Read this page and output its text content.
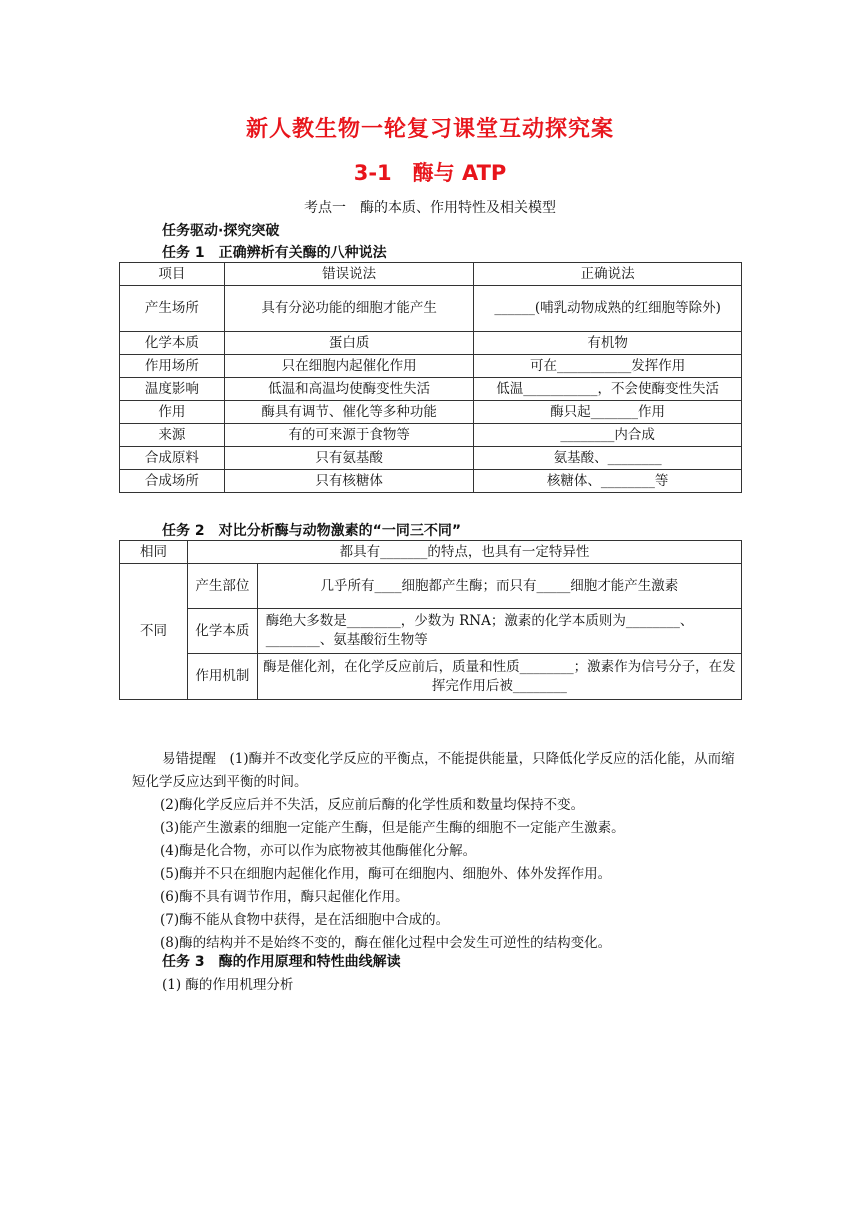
新人教生物一轮复习课堂互动探究案
3-1　酶与 ATP
考点一　酶的本质、作用特性及相关模型
任务驱动·探究突破
任务 1　正确辨析有关酶的八种说法
项目	错误说法	正确说法
产生场所	具有分泌功能的细胞才能产生	______(哺乳动物成熟的红细胞等除外)
化学本质	蛋白质	有机物
作用场所	只在细胞内起催化作用	可在___________发挥作用
温度影响	低温和高温均使酶变性失活	低温___________，不会使酶变性失活
作用	酶具有调节、催化等多种功能	酶只起_______作用
来源	有的可来源于食物等	________内合成
合成原料	只有氨基酸	氨基酸、________
合成场所	只有核糖体	核糖体、________等
任务 2　对比分析酶与动物激素的“一同三不同”
相同	都具有_______的特点，也具有一定特异性	
不同	产生部位	几乎所有____细胞都产生酶；而只有_____细胞才能产生激素
	化学本质	酶绝大多数是________，少数为 RNA；激素的化学本质则为________、________、氨基酸衍生物等
	作用机制	酶是催化剂，在化学反应前后，质量和性质________；激素作为信号分子，在发挥完作用后被________

易错提醒　(1)酶并不改变化学反应的平衡点，不能提供能量，只降低化学反应的活化能，从而缩短化学反应达到平衡的时间。

(2)酶化学反应后并不失活，反应前后酶的化学性质和数量均保持不变。

(3)能产生激素的细胞一定能产生酶，但是能产生酶的细胞不一定能产生激素。

(4)酶是化合物，亦可以作为底物被其他酶催化分解。

(5)酶并不只在细胞内起催化作用，酶可在细胞内、细胞外、体外发挥作用。

(6)酶不具有调节作用，酶只起催化作用。

(7)酶不能从食物中获得，是在活细胞中合成的。

(8)酶的结构并不是始终不变的，酶在催化过程中会发生可逆性的结构变化。

任务 3　酶的作用原理和特性曲线解读
(1) 酶的作用机理分析
